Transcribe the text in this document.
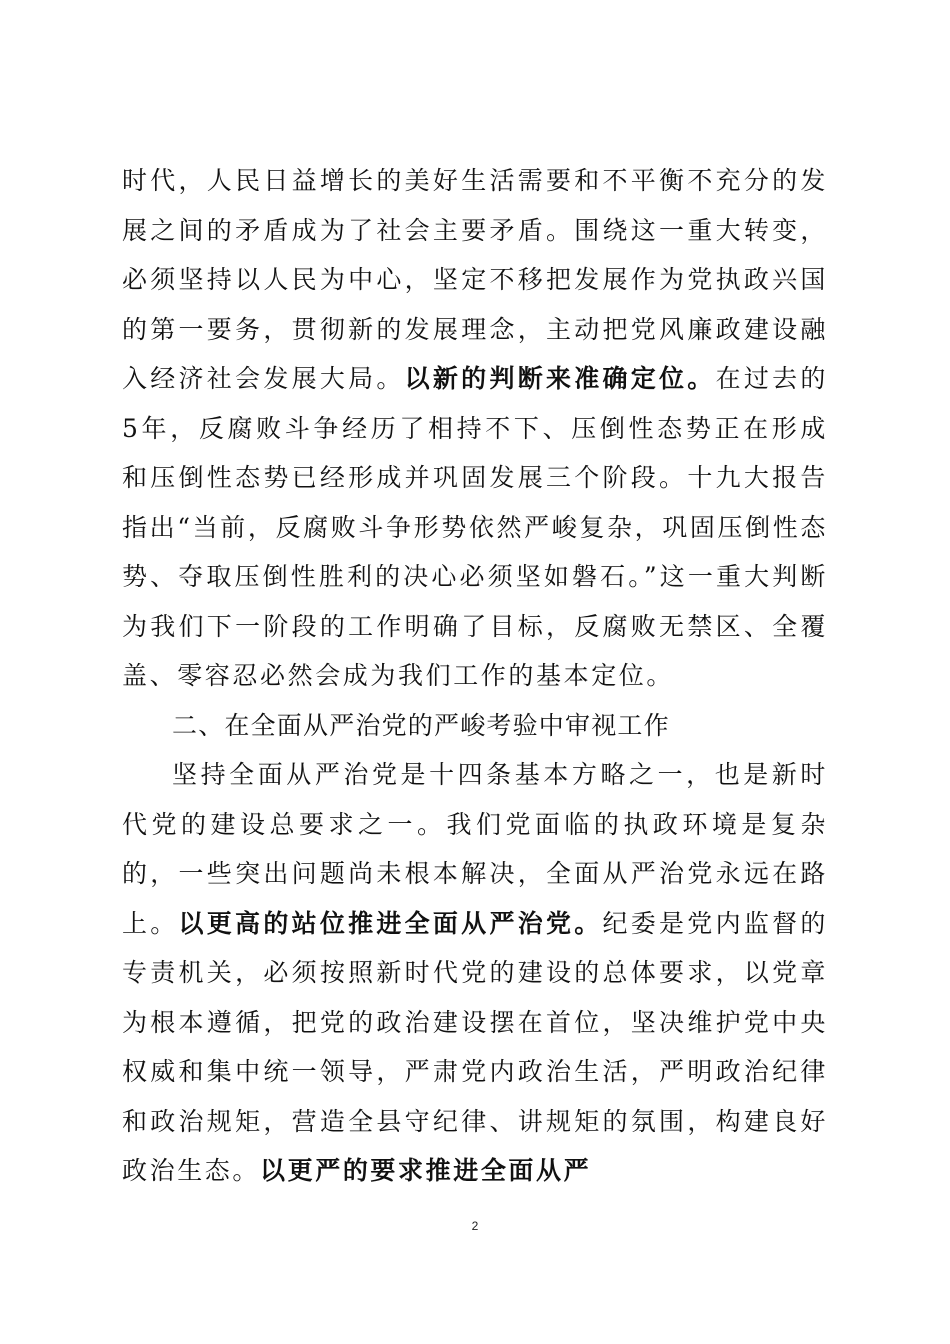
时代，人民日益增长的美好生活需要和不平衡不充分的发展之间的矛盾成为了社会主要矛盾。围绕这一重大转变，必须坚持以人民为中心，坚定不移把发展作为党执政兴国的第一要务，贯彻新的发展理念，主动把党风廉政建设融入经济社会发展大局。以新的判断来准确定位。在过去的5年，反腐败斗争经历了相持不下、压倒性态势正在形成和压倒性态势已经形成并巩固发展三个阶段。十九大报告指出“当前，反腐败斗争形势依然严峻复杂，巩固压倒性态势、夺取压倒性胜利的决心必须坚如磐石。”这一重大判断为我们下一阶段的工作明确了目标，反腐败无禁区、全覆盖、零容忍必然会成为我们工作的基本定位。

二、在全面从严治党的严峻考验中审视工作

坚持全面从严治党是十四条基本方略之一，也是新时代党的建设总要求之一。我们党面临的执政环境是复杂的，一些突出问题尚未根本解决，全面从严治党永远在路上。以更高的站位推进全面从严治党。纪委是党内监督的专责机关，必须按照新时代党的建设的总体要求，以党章为根本遵循，把党的政治建设摆在首位，坚决维护党中央权威和集中统一领导，严肃党内政治生活，严明政治纪律和政治规矩，营造全县守纪律、讲规矩的氛围，构建良好政治生态。以更严的要求推进全面从严

2
